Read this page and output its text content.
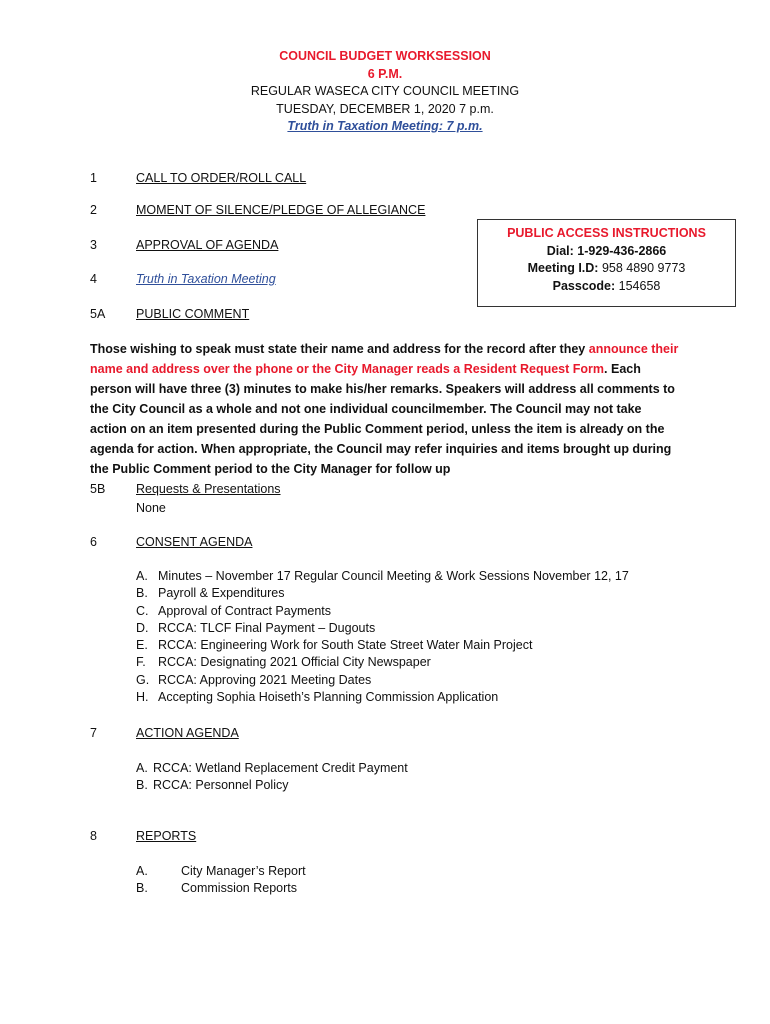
COUNCIL BUDGET WORKSESSION
6 P.M.
REGULAR WASECA CITY COUNCIL MEETING
TUESDAY, DECEMBER 1, 2020 7 p.m.
Truth in Taxation Meeting: 7 p.m.
1	CALL TO ORDER/ROLL CALL
2	MOMENT OF SILENCE/PLEDGE OF ALLEGIANCE
3	APPROVAL OF AGENDA
4	Truth in Taxation Meeting
5A PUBLIC COMMENT
PUBLIC ACCESS INSTRUCTIONS
Dial: 1-929-436-2866
Meeting I.D: 958 4890 9773
Passcode: 154658
Those wishing to speak must state their name and address for the record after they announce their name and address over the phone or the City Manager reads a Resident Request Form. Each person will have three (3) minutes to make his/her remarks. Speakers will address all comments to the City Council as a whole and not one individual councilmember. The Council may not take action on an item presented during the Public Comment period, unless the item is already on the agenda for action. When appropriate, the Council may refer inquiries and items brought up during the Public Comment period to the City Manager for follow up
5B Requests & Presentations
None
6	CONSENT AGENDA
A. Minutes – November 17 Regular Council Meeting & Work Sessions November 12, 17
B. Payroll & Expenditures
C. Approval of Contract Payments
D. RCCA: TLCF Final Payment – Dugouts
E. RCCA: Engineering Work for South State Street Water Main Project
F. RCCA: Designating 2021 Official City Newspaper
G. RCCA: Approving 2021 Meeting Dates
H. Accepting Sophia Hoiseth’s Planning Commission Application
7	ACTION AGENDA
A. RCCA: Wetland Replacement Credit Payment
B. RCCA: Personnel Policy
8	REPORTS
A.	City Manager’s Report
B.	Commission Reports
